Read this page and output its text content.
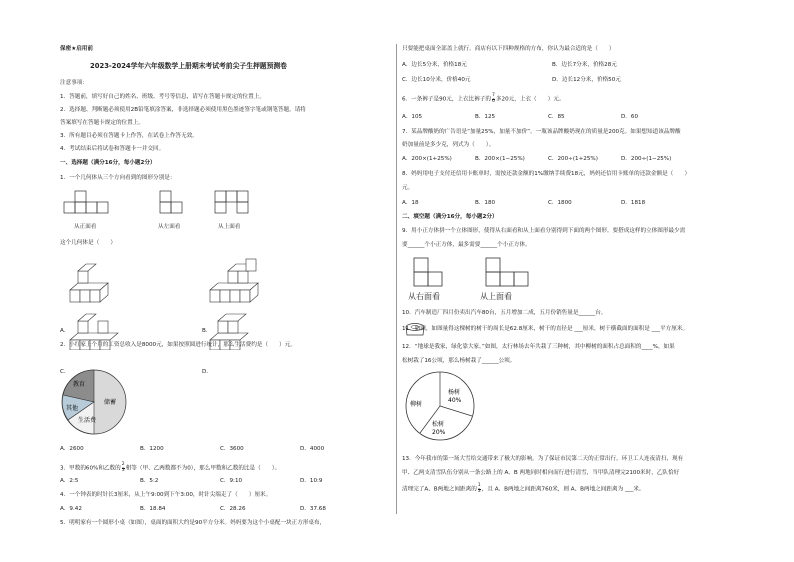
保密★启用前
2023-2024学年六年级数学上册期末考试考前尖子生押题预测卷
注意事项：
1．答题前，填写好自己的姓名、班级、考号等信息，请写在答题卡规定的位置上。
2．选择题、判断题必须使用2B铅笔填涂答案，非选择题必须使用黑色墨迹签字笔或钢笔答题，请将
答案填写在答题卡规定的位置上。
3．所有题目必须在答题卡上作答，在试卷上作答无效。
4．考试结束后将试卷和答题卡一并交回。
一、选择题（满分16分，每小题2分）
1．一个几何体从三个方向看到的图形分别是：
从正面看	从左面看	从上面看
这个几何体是（　　）
A．	B．
C．	D．
2．小红家上个月的工资总收入是8000元，如果按照圆进行统计，那么生活费约是（　　）元。
教育
储蓄
其他
生活费
A．2600	B．1200	C．3600	D．4000
3．甲数的60%和乙数的 $\frac{2}{3}$ 相等（甲、乙两数都不为0），那么甲数和乙数的比是（　　）。
A．2:5	B．5:2	C．9:10	D．10:9
4．一个钟表的时针长3厘米，从上午9:00到下午3:00，时针尖端走了（　　）厘米。
A．9.42	B．18.84	C．28.26	D．37.68
5．明明家有一个圆形小桌（如图），桌面的面积大约是90平方分米。妈妈要为这个小桌配一块正方形桌布，
只要能把桌面全部盖上就行。商店有以下四种规格的方布，你认为最合适的是（　　）
A．边长5分米，价格18元	B．边长7分米，价格28元
C．边长10分米，价格40元	D．边长12分米，价格50元
6．一条裤子是90元，上衣比裤子的 $\frac{7}{6}$ 多20元，上衣（　　）元。
A．105	B．125	C．85	D．60
7．某品牌酸奶的广告语是“加量25%，加量不加价”。一瓶该品牌酸奶现在的质量是200克。如果想知道该品牌酸
奶加量前是多少克，列式为（　　）。
A．200×(1+25%)	B．200×(1−25%)	C．200÷(1+25%)	D．200÷(1−25%)
8．妈妈用电子支付还信用卡账单时，需按还款金额的1%缴纳手续费18元，妈妈还信用卡账单的还款金额是（　　）
元。
A．18	B．180	C．1800	D．1818
二、填空题（满分16分，每小题2分）
9．用小正方体拼一个立体图形，使得从右面看和从上面看分别得到下面的两个图形。要搭成这样的立体图形最少需
要______个小正方体，最多需要______个小正方体。
从右面看	从上面看
10．汽车制造厂四月份卖出汽车80台，五月增加二成，五月份销售量是______台。
11．如图，如图量得这棵树的树干的周长是62.8厘米，树干的直径是 ___厘米，树干横截面的面积是 ___平方厘米。
12．“地球是我家，绿化靠大家。”如图，太行林场去年共栽了三种树，其中柳树的面积占总面积的____%，如果
松树栽了16公顷，那么杨树栽了______公顷。
柳树
杨树
40%
松树
20%
13．今年我市的第一场大雪给交通带来了极大的影响。为了保证市民第二天的正常出行，环卫工人连夜清扫，现有
甲、乙两支清雪队伍分别从一条公路上的 A、B 两地同时相向而行进行清雪，当甲队清理完2100米时，乙队恰好
清理完了A、B两地之间距离的 $\frac{1}{3}$ ，且 A、B两地之间距离760米，则 A、B两地之间距离为 ___米。
